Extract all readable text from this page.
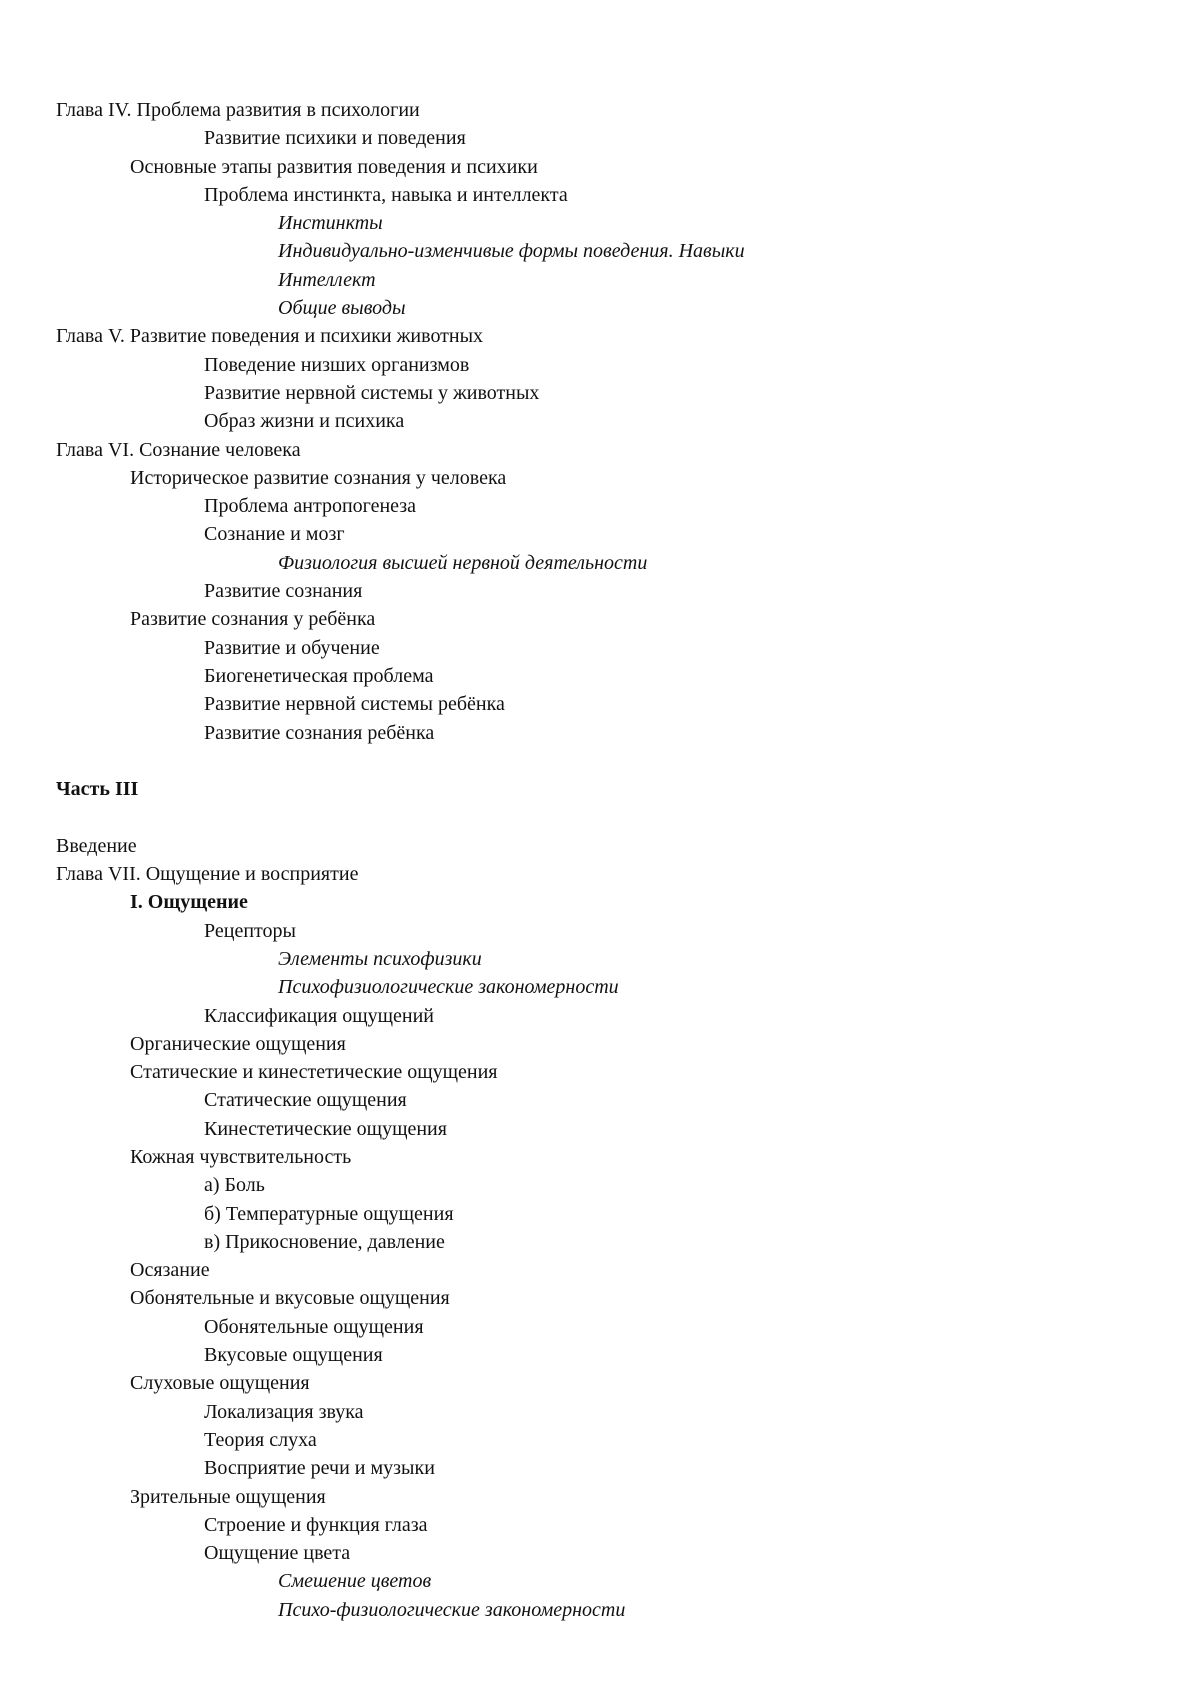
Глава IV. Проблема развития в психологии
Развитие психики и поведения
Основные этапы развития поведения и психики
Проблема инстинкта, навыка и интеллекта
Инстинкты
Индивидуально-изменчивые формы поведения. Навыки
Интеллект
Общие выводы
Глава V. Развитие поведения и психики животных
Поведение низших организмов
Развитие нервной системы у животных
Образ жизни и психика
Глава VI. Сознание человека
Историческое развитие сознания у человека
Проблема антропогенеза
Сознание и мозг
Физиология высшей нервной деятельности
Развитие сознания
Развитие сознания у ребёнка
Развитие и обучение
Биогенетическая проблема
Развитие нервной системы ребёнка
Развитие сознания ребёнка
Часть III
Введение
Глава VII. Ощущение и восприятие
I. Ощущение
Рецепторы
Элементы психофизики
Психофизиологические закономерности
Классификация ощущений
Органические ощущения
Статические и кинестетические ощущения
Статические ощущения
Кинестетические ощущения
Кожная чувствительность
а) Боль
б) Температурные ощущения
в) Прикосновение, давление
Осязание
Обонятельные и вкусовые ощущения
Обонятельные ощущения
Вкусовые ощущения
Слуховые ощущения
Локализация звука
Теория слуха
Восприятие речи и музыки
Зрительные ощущения
Строение и функция глаза
Ощущение цвета
Смешение цветов
Психо-физиологические закономерности
